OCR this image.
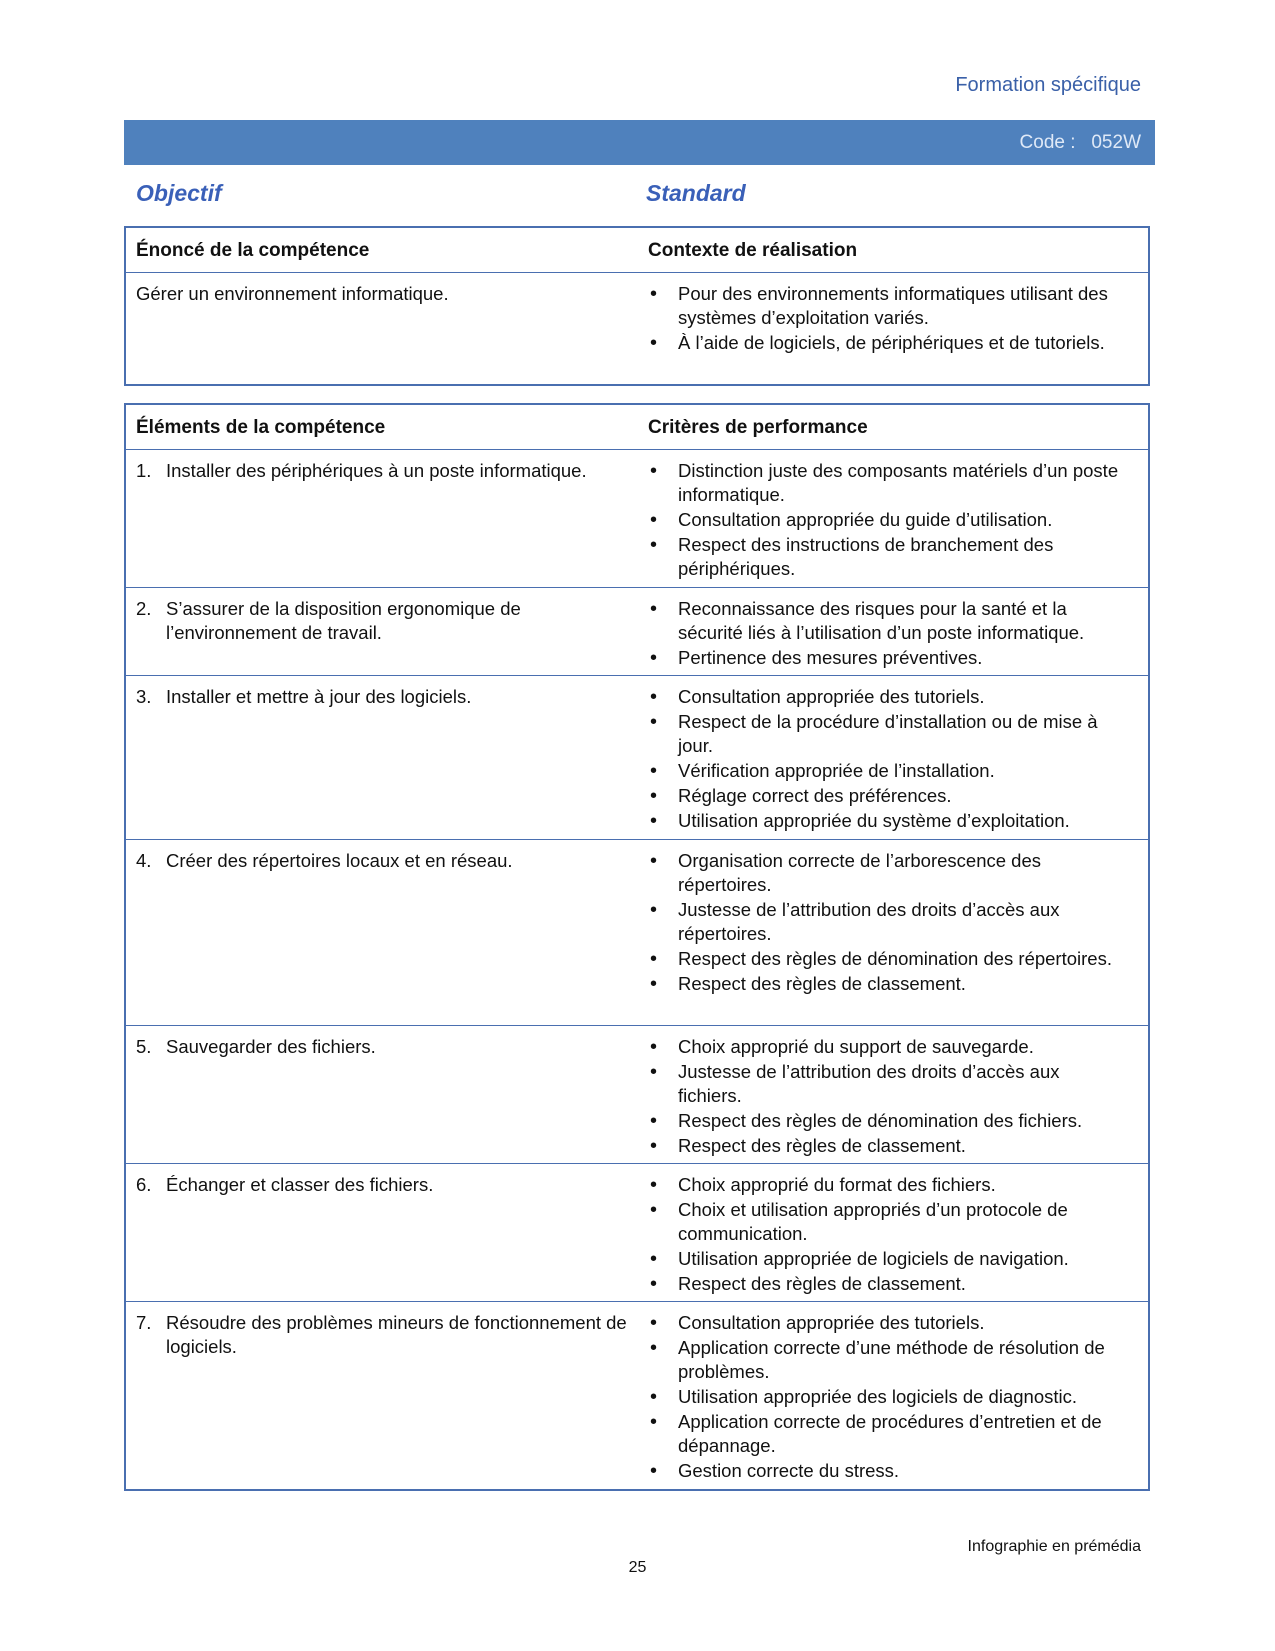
Formation spécifique
Code :   052W
Objectif	Standard
Énoncé de la compétence	Contexte de réalisation
Gérer un environnement informatique.	• Pour des environnements informatiques utilisant des systèmes d’exploitation variés.
• À l’aide de logiciels, de périphériques et de tutoriels.
Éléments de la compétence	Critères de performance
1. Installer des périphériques à un poste informatique.	• Distinction juste des composants matériels d’un poste informatique.
• Consultation appropriée du guide d’utilisation.
• Respect des instructions de branchement des périphériques.
2. S’assurer de la disposition ergonomique de l’environnement de travail.
• Reconnaissance des risques pour la santé et la sécurité liés à l’utilisation d’un poste informatique.
• Pertinence des mesures préventives.
3. Installer et mettre à jour des logiciels.	• Consultation appropriée des tutoriels.
• Respect de la procédure d’installation ou de mise à jour.
• Vérification appropriée de l’installation.
• Réglage correct des préférences.
• Utilisation appropriée du système d’exploitation.
4. Créer des répertoires locaux et en réseau.	• Organisation correcte de l’arborescence des répertoires.
• Justesse de l’attribution des droits d’accès aux répertoires.
• Respect des règles de dénomination des répertoires.
• Respect des règles de classement.
5. Sauvegarder des fichiers.	• Choix approprié du support de sauvegarde.
• Justesse de l’attribution des droits d’accès aux fichiers.
• Respect des règles de dénomination des fichiers.
• Respect des règles de classement.
6. Échanger et classer des fichiers.	• Choix approprié du format des fichiers.
• Choix et utilisation appropriés d’un protocole de communication.
• Utilisation appropriée de logiciels de navigation.
• Respect des règles de classement.
7. Résoudre des problèmes mineurs de fonctionnement de logiciels.
• Consultation appropriée des tutoriels.
• Application correcte d’une méthode de résolution de problèmes.
• Utilisation appropriée des logiciels de diagnostic.
• Application correcte de procédures d’entretien et de dépannage.
• Gestion correcte du stress.
Infographie en prémédia
25
